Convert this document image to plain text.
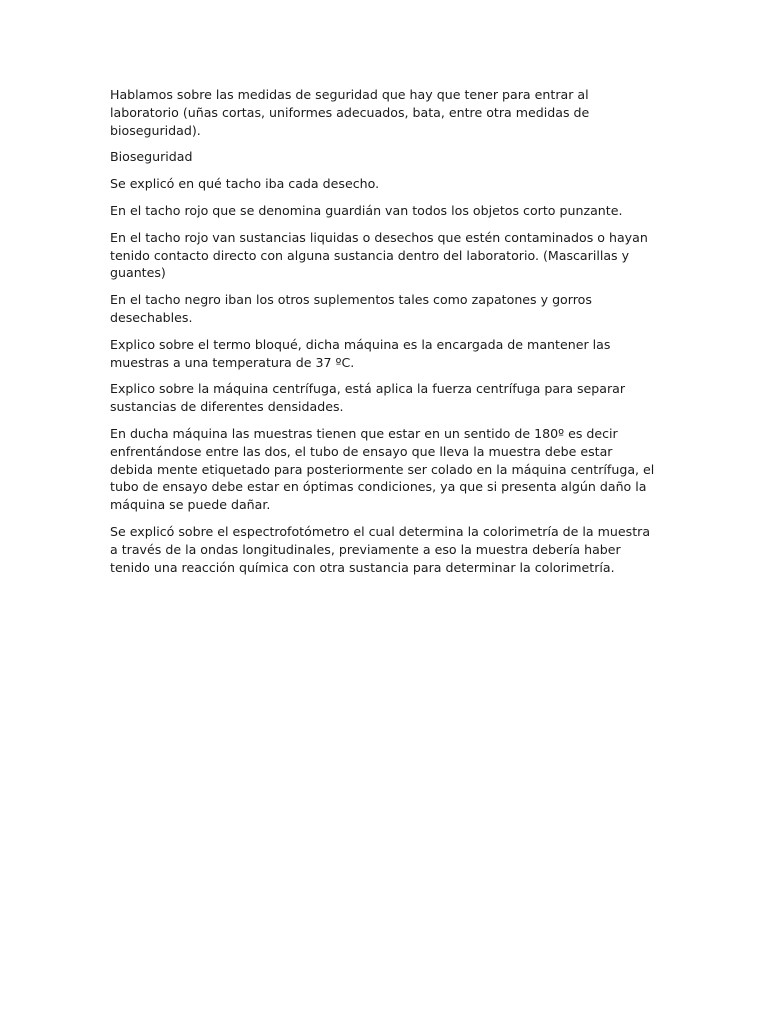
Hablamos sobre las medidas de seguridad que hay que tener para entrar al laboratorio (uñas cortas, uniformes adecuados, bata, entre otra medidas de bioseguridad).

Bioseguridad

Se explicó en qué tacho iba cada desecho.

En el tacho rojo que se denomina guardián van todos los objetos corto punzante.

En el tacho rojo van sustancias liquidas o desechos que estén contaminados o hayan tenido contacto directo con alguna sustancia dentro del laboratorio. (Mascarillas y guantes)

En el tacho negro iban los otros suplementos tales como zapatones y gorros desechables.

Explico sobre el termo bloqué, dicha máquina es la encargada de mantener las muestras a una temperatura de 37 ºC.

Explico sobre la máquina centrífuga, está aplica la fuerza centrífuga para separar sustancias de diferentes densidades.

En ducha máquina las muestras tienen que estar en un sentido de 180º es decir enfrentándose entre las dos, el tubo de ensayo que lleva la muestra debe estar debida mente etiquetado para posteriormente ser colado en la máquina centrífuga, el tubo de ensayo debe estar en óptimas condiciones, ya que si presenta algún daño la máquina se puede dañar.

Se explicó sobre el espectrofotómetro el cual determina la colorimetría de la muestra a través de la ondas longitudinales, previamente a eso la muestra debería haber tenido una reacción química con otra sustancia para determinar la colorimetría.
